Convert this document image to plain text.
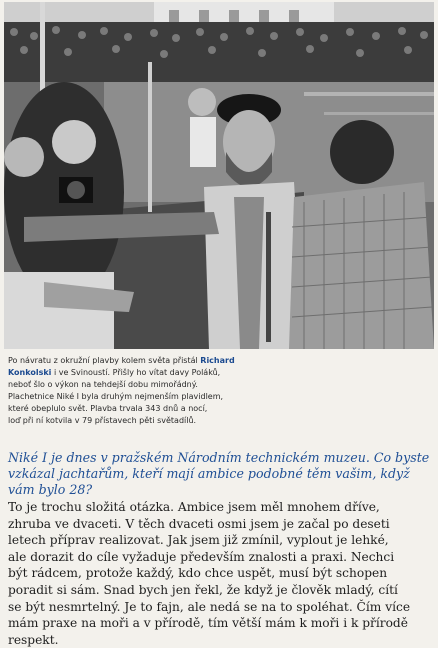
Po návratu z okružní plavby kolem světa přistál Richard

Konkolski i ve Svinoustí. Přišly ho vítat davy Poláků,

neboť šlo o výkon na tehdejší dobu mimořádný.

Plachetnice Niké I byla druhým nejmenším plavidlem,

které obeplulo svět. Plavba trvala 343 dnů a nocí,

loď při ní kotvila v 79 přístavech pěti světadílů.

Niké I je dnes v pražském Národním technickém muzeu. Co byste
vzkázal jachtařům, kteří mají ambice podobné těm vašim, když
vám bylo 28?
To je trochu složitá otázka. Ambice jsem měl mnohem dříve,
zhruba ve dvaceti. V těch dvaceti osmi jsem je začal po deseti
letech příprav realizovat. Jak jsem již zmínil, vyplout je lehké,
ale dorazit do cíle vyžaduje především znalosti a praxi. Nechci
být rádcem, protože každý, kdo chce uspět, musí být schopen
poradit si sám. Snad bych jen řekl, že když je člověk mladý, cítí
se být nesmrtelný. Je to fajn, ale nedá se na to spoléhat. Čím více
mám praxe na moři a v přírodě, tím větší mám k moři i k přírodě
respekt.
